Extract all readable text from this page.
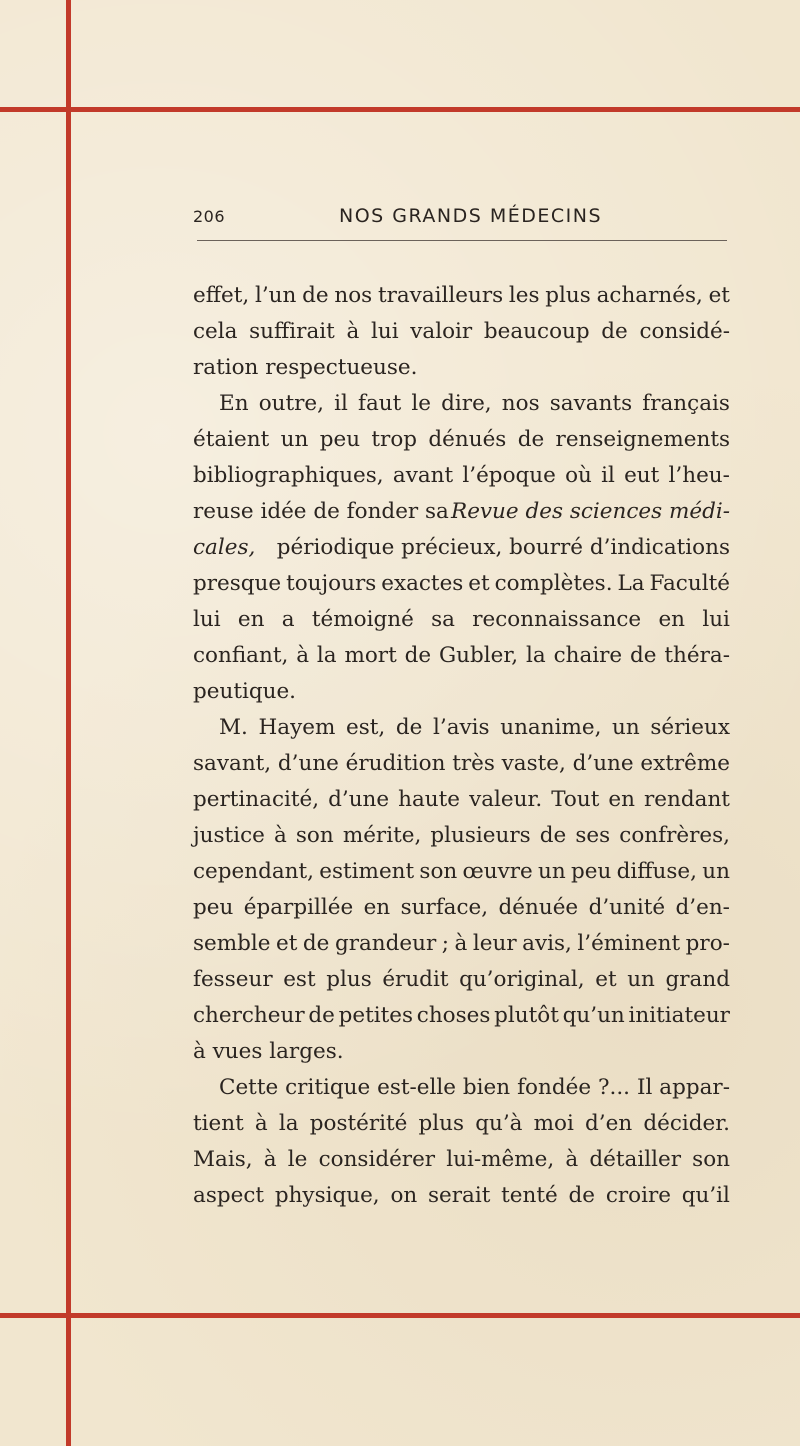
206	NOS GRANDS MÉDECINS
effet, l’un de nos travailleurs les plus acharnés, et
cela suffirait à lui valoir beaucoup de considé-
ration respectueuse.
En outre, il faut le dire, nos savants français
étaient un peu trop dénués de renseignements
bibliographiques, avant l’époque où il eut l’heu-
reuse idée de fonder sa Revue des sciences médi-
cales, périodique précieux, bourré d’indications
presque toujours exactes et complètes. La Faculté
lui en a témoigné sa reconnaissance en lui
confiant, à la mort de Gubler, la chaire de théra-
peutique.
M. Hayem est, de l’avis unanime, un sérieux
savant, d’une érudition très vaste, d’une extrême
pertinacité, d’une haute valeur. Tout en rendant
justice à son mérite, plusieurs de ses confrères,
cependant, estiment son œuvre un peu diffuse, un
peu éparpillée en surface, dénuée d’unité d’en-
semble et de grandeur ; à leur avis, l’éminent pro-
fesseur est plus érudit qu’original, et un grand
chercheur de petites choses plutôt qu’un initiateur
à vues larges.
Cette critique est-elle bien fondée ?... Il appar-
tient à la postérité plus qu’à moi d’en décider.
Mais, à le considérer lui-même, à détailler son
aspect physique, on serait tenté de croire qu’il
